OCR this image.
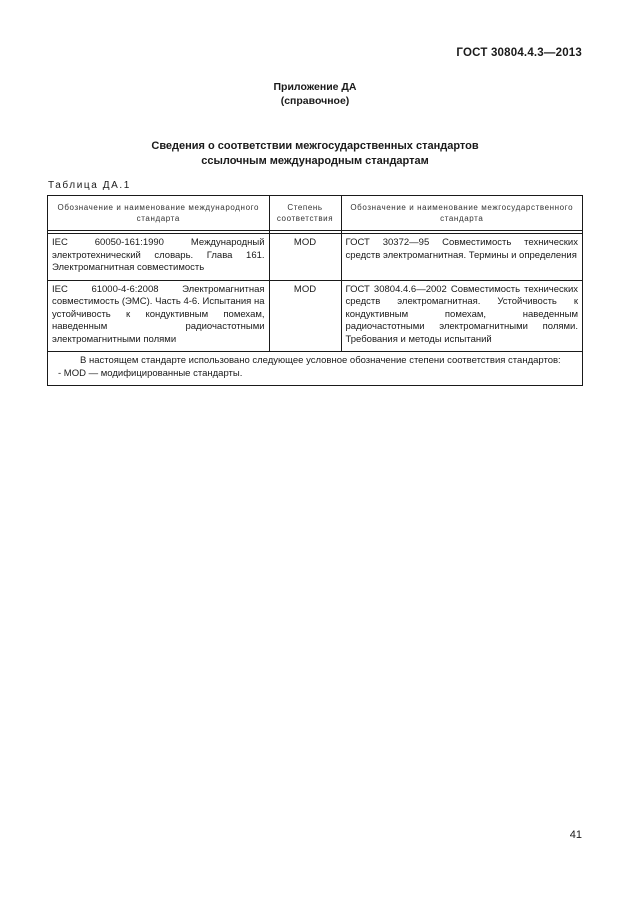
ГОСТ 30804.4.3—2013
Приложение ДА
(справочное)
Сведения о соответствии межгосударственных стандартов
ссылочным международным стандартам
Таблица ДА.1
Обозначение и наименование международного стандарта	Степень соответствия	Обозначение и наименование межгосударственного стандарта

IEC 60050-161:1990 Международный электротехнический словарь. Глава 161. Электромагнитная совместимость	MOD	ГОСТ 30372—95 Совместимость технических средств электромагнитная. Термины и определения
IEC 61000-4-6:2008 Электромагнитная совместимость (ЭМС). Часть 4-6. Испытания на устойчивость к кондуктивным помехам, наведенным радиочастотными электромагнитными полями	MOD	ГОСТ 30804.4.6—2002 Совместимость технических средств электромагнитная. Устойчивость к кондуктивным помехам, наведенным радиочастотными электромагнитными полями. Требования и методы испытаний

В настоящем стандарте использовано следующее условное обозначение степени соответствия стандартов:
- MOD — модифицированные стандарты.		
41
